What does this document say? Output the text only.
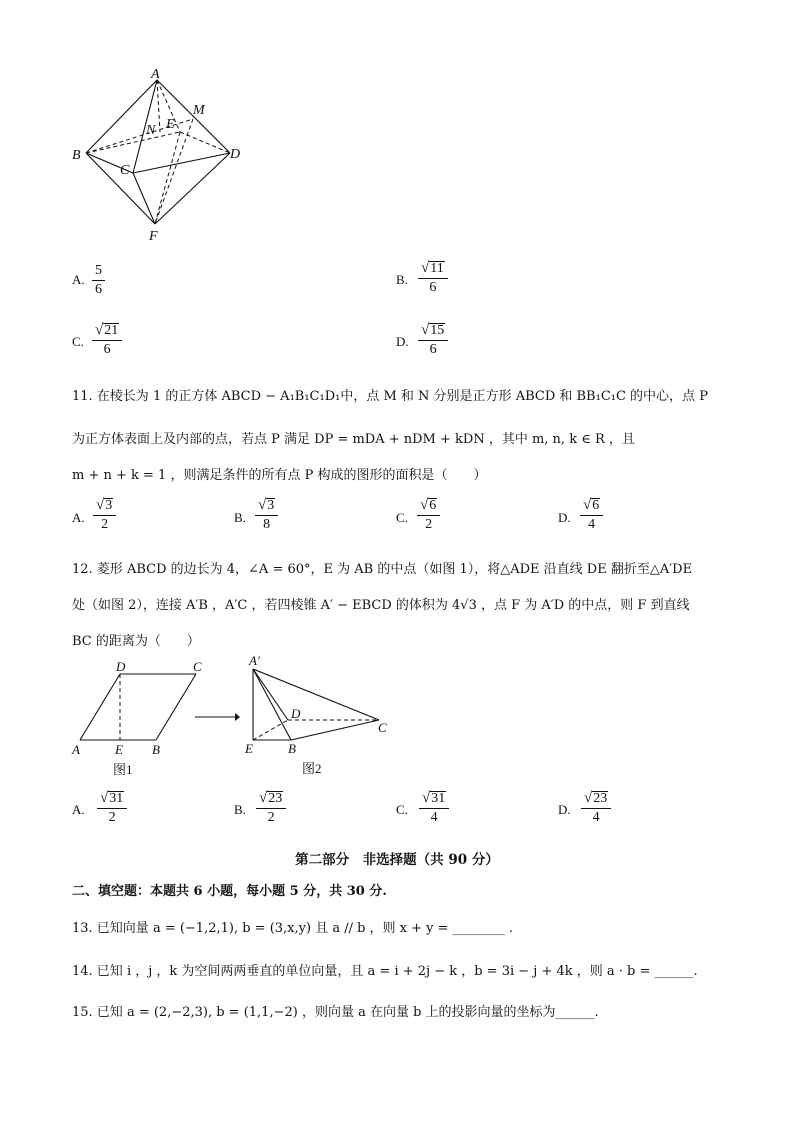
A
M
N E
B
C
D
F
A. $\frac{5}{6}$	B. $\frac{√ 11}{6}$
C. $\frac{√ 21}{6}$	D. $\frac{√ 15}{6}$
11. 在棱长为 1 的正方体 ABCD − A₁B₁C₁D₁中，点 M 和 N 分别是正方形 ABCD 和 BB₁C₁C 的中心，点 P
为正方体表面上及内部的点，若点 P 满足 DP = mDA + nDM + kDN ，其中 m, n, k ∈ R ，且
m + n + k = 1 ，则满足条件的所有点 P 构成的图形的面积是（　　）
A. $\frac{√ 3}{2}$	B. $\frac{√ 3}{8}$	C. $\frac{√ 6}{2}$	D. $\frac{√ 6}{4}$
12. 菱形 ABCD 的边长为 4，∠A = 60°，E 为 AB 的中点（如图 1），将△ADE 沿直线 DE 翻折至△A′DE
处（如图 2），连接 A′B ，A′C ，若四棱锥 A′ − EBCD 的体积为 4√3 ，点 F 为 A′D 的中点，则 F 到直线
BC 的距离为（　　）
D	C
A	E B
图1
A′
D
C
E	B
图2
A. $\frac{√ 31}{2}$	B. $\frac{√ 23}{2}$	C. $\frac{√ 31}{4}$	D. $\frac{√ 23}{4}$
第二部分　非选择题（共 90 分）
二、填空题：本题共 6 小题，每小题 5 分，共 30 分.
13. 已知向量 a = (−1,2,1), b = (3,x,y) 且 a // b ，则 x + y = ________ .
14. 已知 i ，j ，k 为空间两两垂直的单位向量，且 a = i + 2j − k ，b = 3i − j + 4k ，则 a · b = ______.
15. 已知 a = (2,−2,3), b = (1,1,−2) ，则向量 a 在向量 b 上的投影向量的坐标为______.
